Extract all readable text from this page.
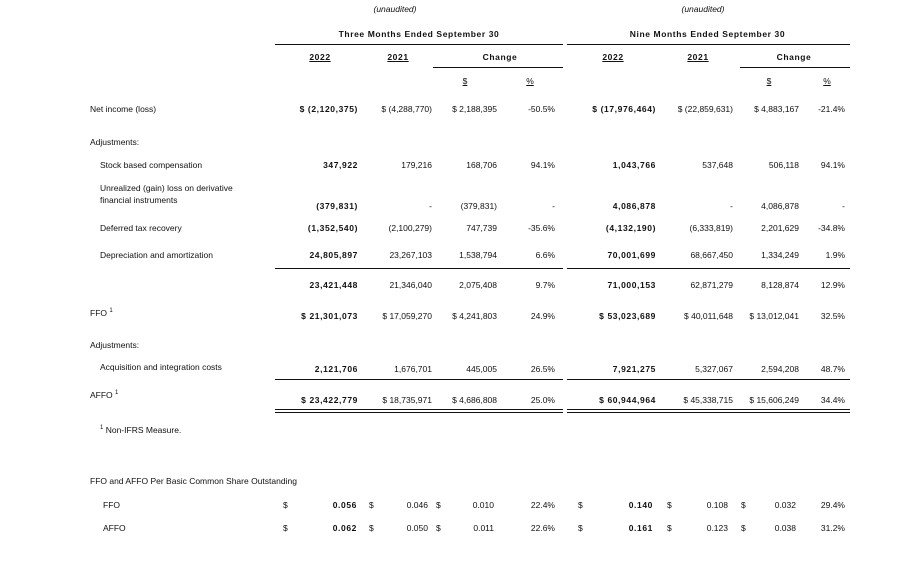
(unaudited)	(unaudited)
Three Months Ended September 30	Nine Months Ended September 30
2022	2021	Change	2022	2021	Change
$	%	$	%
Net income (loss)	$ (2,120,375)	$ (4,288,770)	$ 2,188,395	-50.5%	$ (17,976,464)	$ (22,859,631)	$ 4,883,167	-21.4%
Adjustments:
Stock based compensation	347,922	179,216	168,706	94.1%	1,043,766	537,648	506,118	94.1%
Unrealized (gain) loss on derivative
financial instruments
(379,831)	-	(379,831)	-	4,086,878	-	4,086,878	-
Deferred tax recovery	(1,352,540)	(2,100,279)	747,739	-35.6%	(4,132,190)	(6,333,819)	2,201,629	-34.8%
Depreciation and amortization	24,805,897	23,267,103	1,538,794	6.6%	70,001,699	68,667,450	1,334,249	1.9%
23,421,448	21,346,040	2,075,408	9.7%	71,000,153	62,871,279	8,128,874	12.9%
FFO $^1$	$ 21,301,073	$ 17,059,270	$ 4,241,803	24.9%	$ 53,023,689	$ 40,011,648	$ 13,012,041	32.5%
Adjustments:
Acquisition and integration costs	2,121,706	1,676,701	445,005	26.5%	7,921,275	5,327,067	2,594,208	48.7%
AFFO $^1$
$ 23,422,779	$ 18,735,971	$ 4,686,808	25.0%	$ 60,944,964	$ 45,338,715	$ 15,606,249	34.4%
$^1$ Non-IFRS Measure.
FFO and AFFO Per Basic Common Share Outstanding
FFO	$	0.056 $	0.046 $	0.010	22.4%	$	0.140 $	0.108 $	0.032	29.4%
AFFO	$	0.062 $	0.050 $	0.011	22.6%	$	0.161 $	0.123 $	0.038	31.2%
